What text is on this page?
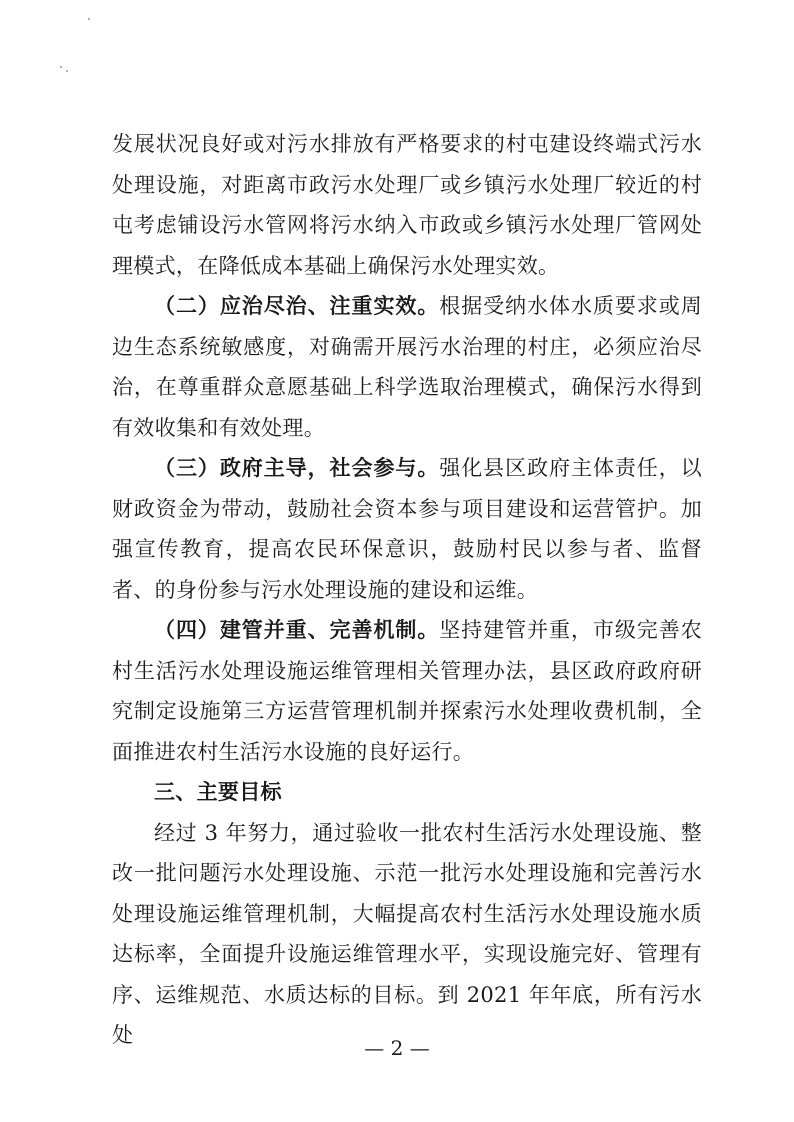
发展状况良好或对污水排放有严格要求的村屯建设终端式污水处理设施，对距离市政污水处理厂或乡镇污水处理厂较近的村屯考虑铺设污水管网将污水纳入市政或乡镇污水处理厂管网处理模式，在降低成本基础上确保污水处理实效。

（二）应治尽治、注重实效。根据受纳水体水质要求或周边生态系统敏感度，对确需开展污水治理的村庄，必须应治尽治，在尊重群众意愿基础上科学选取治理模式，确保污水得到有效收集和有效处理。

（三）政府主导，社会参与。强化县区政府主体责任，以财政资金为带动，鼓励社会资本参与项目建设和运营管护。加强宣传教育，提高农民环保意识，鼓励村民以参与者、监督者、的身份参与污水处理设施的建设和运维。

（四）建管并重、完善机制。坚持建管并重，市级完善农村生活污水处理设施运维管理相关管理办法，县区政府政府研究制定设施第三方运营管理机制并探索污水处理收费机制，全面推进农村生活污水设施的良好运行。

三、主要目标

经过 3 年努力，通过验收一批农村生活污水处理设施、整改一批问题污水处理设施、示范一批污水处理设施和完善污水处理设施运维管理机制，大幅提高农村生活污水处理设施水质达标率，全面提升设施运维管理水平，实现设施完好、管理有序、运维规范、水质达标的目标。到 2021 年年底，所有污水处

— 2 —
